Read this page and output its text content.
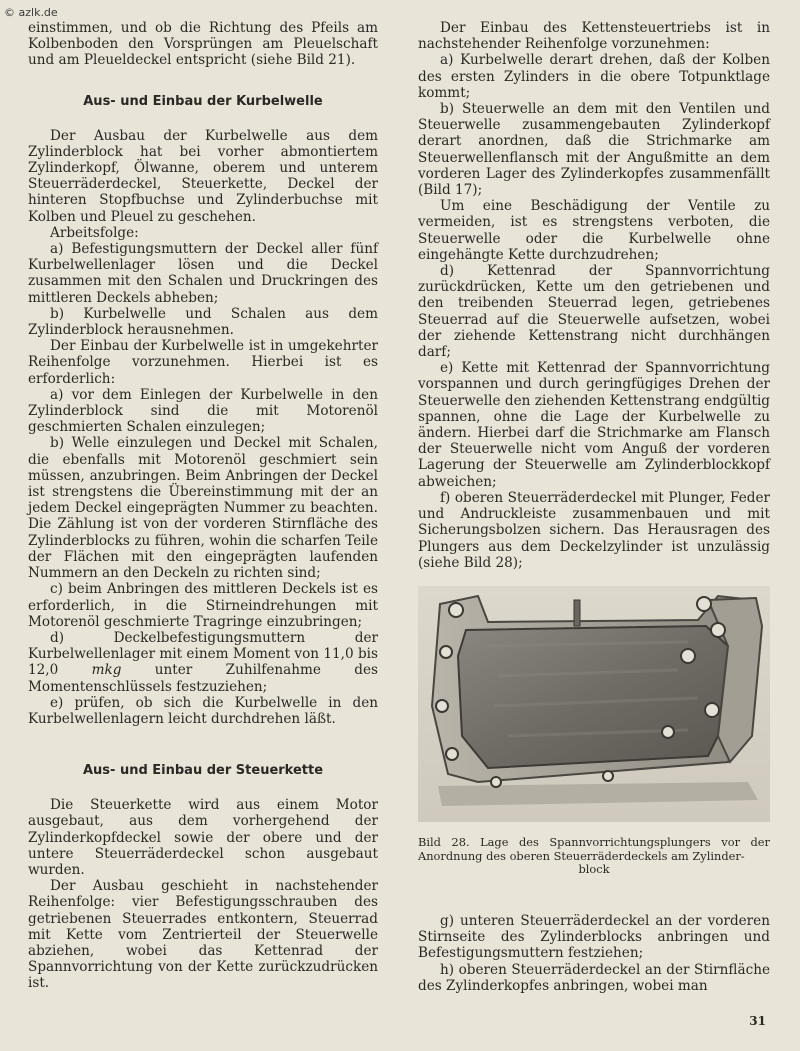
© azlk.de

einstimmen, und ob die Richtung des Pfeils am Kolbenboden den Vorsprüngen am Pleuelschaft und am Pleueldeckel entspricht (siehe Bild 21).

Aus- und Einbau der Kurbelwelle

Der Ausbau der Kurbelwelle aus dem Zylinderblock hat bei vorher abmontiertem Zylinderkopf, Ölwanne, oberem und unterem Steuerräderdeckel, Steuerkette, Deckel der hinteren Stopfbuchse und Zylinderbuchse mit Kolben und Pleuel zu geschehen.

Arbeitsfolge:

a) Befestigungsmuttern der Deckel aller fünf Kurbelwellenlager lösen und die Deckel zusammen mit den Schalen und Druckringen des mittleren Deckels abheben;

b) Kurbelwelle und Schalen aus dem Zylinderblock herausnehmen.

Der Einbau der Kurbelwelle ist in umgekehrter Reihenfolge vorzunehmen. Hierbei ist es erforderlich:

a) vor dem Einlegen der Kurbelwelle in den Zylinderblock sind die mit Motorenöl geschmierten Schalen einzulegen;

b) Welle einzulegen und Deckel mit Schalen, die ebenfalls mit Motorenöl geschmiert sein müssen, anzubringen. Beim Anbringen der Deckel ist strengstens die Übereinstimmung mit der an jedem Deckel eingeprägten Nummer zu beachten. Die Zählung ist von der vorderen Stirnfläche des Zylinderblocks zu führen, wohin die scharfen Teile der Flächen mit den eingeprägten laufenden Nummern an den Deckeln zu richten sind;

c) beim Anbringen des mittleren Deckels ist es erforderlich, in die Stirneindrehungen mit Motorenöl geschmierte Tragringe einzubringen;

d) Deckelbefestigungsmuttern der Kurbelwellenlager mit einem Moment von 11,0 bis 12,0 mkg unter Zuhilfenahme des Momentenschlüssels festzuziehen;

e) prüfen, ob sich die Kurbelwelle in den Kurbelwellenlagern leicht durchdrehen läßt.

Aus- und Einbau der Steuerkette

Die Steuerkette wird aus einem Motor ausgebaut, aus dem vorhergehend der Zylinderkopfdeckel sowie der obere und der untere Steuerräderdeckel schon ausgebaut wurden.

Der Ausbau geschieht in nachstehender Reihenfolge: vier Befestigungsschrauben des getriebenen Steuerrades entkontern, Steuerrad mit Kette vom Zentrierteil der Steuerwelle abziehen, wobei das Kettenrad der Spannvorrichtung von der Kette zurückzudrücken ist.

Der Einbau des Kettensteuertriebs ist in nachstehender Reihenfolge vorzunehmen:

a) Kurbelwelle derart drehen, daß der Kolben des ersten Zylinders in die obere Totpunktlage kommt;

b) Steuerwelle an dem mit den Ventilen und Steuerwelle zusammengebauten Zylinderkopf derart anordnen, daß die Strichmarke am Steuerwellenflansch mit der Angußmitte an dem vorderen Lager des Zylinderkopfes zusammenfällt (Bild 17);

Um eine Beschädigung der Ventile zu vermeiden, ist es strengstens verboten, die Steuerwelle oder die Kurbelwelle ohne eingehängte Kette durchzudrehen;

d) Kettenrad der Spannvorrichtung zurückdrücken, Kette um den getriebenen und den treibenden Steuerrad legen, getriebenes Steuerrad auf die Steuerwelle aufsetzen, wobei der ziehende Kettenstrang nicht durchhängen darf;

e) Kette mit Kettenrad der Spannvorrichtung vorspannen und durch geringfügiges Drehen der Steuerwelle den ziehenden Kettenstrang endgültig spannen, ohne die Lage der Kurbelwelle zu ändern. Hierbei darf die Strichmarke am Flansch der Steuerwelle nicht vom Anguß der vorderen Lagerung der Steuerwelle am Zylinderblockkopf abweichen;

f) oberen Steuerräderdeckel mit Plunger, Feder und Andruckleiste zusammenbauen und mit Sicherungsbolzen sichern. Das Herausragen des Plungers aus dem Deckelzylinder ist unzulässig (siehe Bild 28);

Bild 28. Lage des Spannvorrichtungsplungers vor der Anordnung des oberen Steuerräderdeckels am Zylinder-
block

g) unteren Steuerräderdeckel an der vorderen Stirnseite des Zylinderblocks anbringen und Befestigungsmuttern festziehen;

h) oberen Steuerräderdeckel an der Stirnfläche des Zylinderkopfes anbringen, wobei man

31
